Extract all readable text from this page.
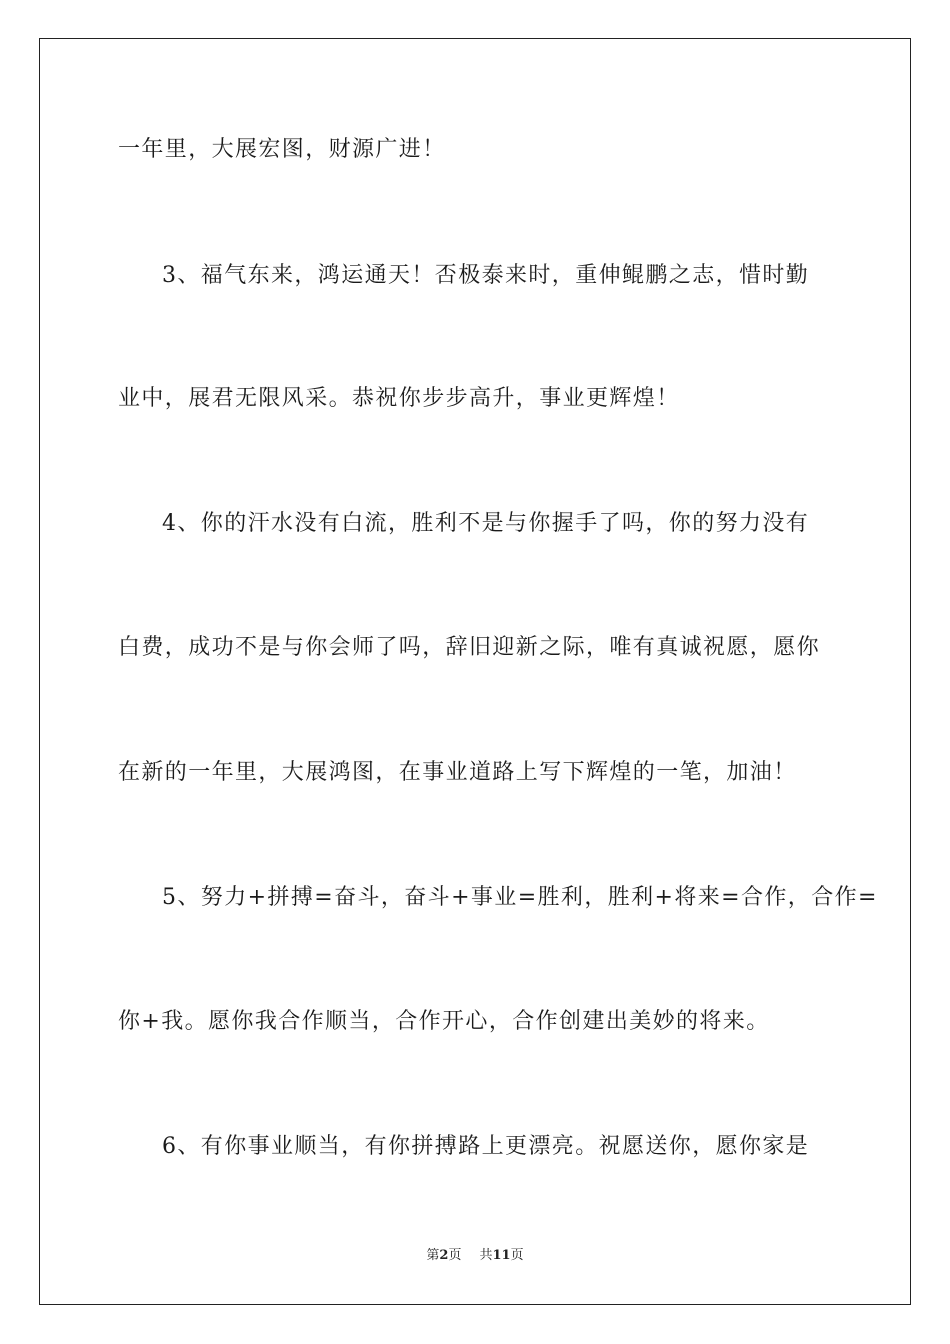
一年里，大展宏图，财源广进！
3、福气东来，鸿运通天！否极泰来时，重伸鲲鹏之志，惜时勤
业中，展君无限风采。恭祝你步步高升，事业更辉煌！
4、你的汗水没有白流，胜利不是与你握手了吗，你的努力没有
白费，成功不是与你会师了吗，辞旧迎新之际，唯有真诚祝愿，愿你
在新的一年里，大展鸿图，在事业道路上写下辉煌的一笔，加油！
5、努力+拼搏=奋斗，奋斗+事业=胜利，胜利+将来=合作，合作=
你+我。愿你我合作顺当，合作开心，合作创建出美妙的将来。
6、有你事业顺当，有你拼搏路上更漂亮。祝愿送你，愿你家是
第2页 共11页
